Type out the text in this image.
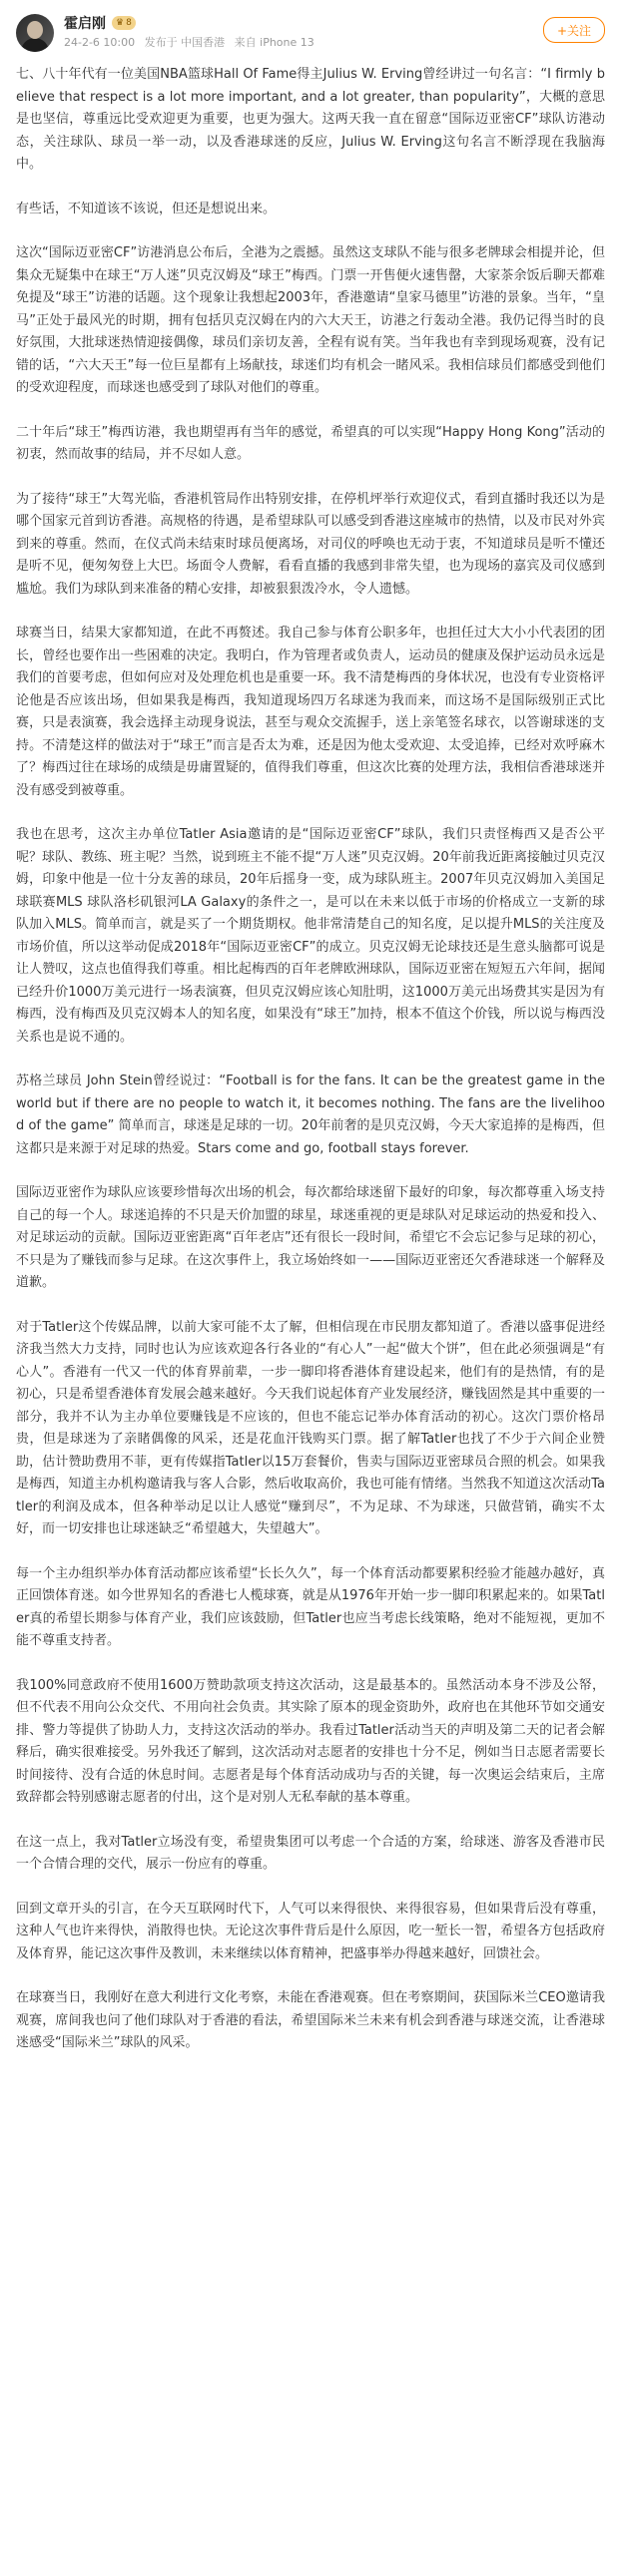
霍启刚 ♛ 8
24-2-6 10:00 发布于 中国香港 来自 iPhone 13
+关注

七、八十年代有一位美国NBA篮球Hall Of Fame得主Julius W. Erving曾经讲过一句名言：“I firmly believe that respect is a lot more important, and a lot greater, than popularity”，大概的意思是也坚信，尊重远比受欢迎更为重要，也更为强大。这两天我一直在留意“国际迈亚密CF”球队访港动态，关注球队、球员一举一动，以及香港球迷的反应，Julius W. Erving这句名言不断浮现在我脑海中。

有些话，不知道该不该说，但还是想说出来。

这次“国际迈亚密CF”访港消息公布后，全港为之震撼。虽然这支球队不能与很多老牌球会相提并论，但集众无疑集中在球王“万人迷”贝克汉姆及“球王”梅西。门票一开售便火速售罄，大家茶余饭后聊天都难免提及“球王”访港的话题。这个现象让我想起2003年，香港邀请“皇家马德里”访港的景象。当年，“皇马”正处于最风光的时期，拥有包括贝克汉姆在内的六大天王，访港之行轰动全港。我仍记得当时的良好氛围，大批球迷热情迎接偶像，球员们亲切友善，全程有说有笑。当年我也有幸到现场观赛，没有记错的话，“六大天王”每一位巨星都有上场献技，球迷们均有机会一睹风采。我相信球员们都感受到他们的受欢迎程度，而球迷也感受到了球队对他们的尊重。

二十年后“球王”梅西访港，我也期望再有当年的感觉，希望真的可以实现“Happy Hong Kong”活动的初衷，然而故事的结局，并不尽如人意。

为了接待“球王”大驾光临，香港机管局作出特别安排，在停机坪举行欢迎仪式，看到直播时我还以为是哪个国家元首到访香港。高规格的待遇，是希望球队可以感受到香港这座城市的热情，以及市民对外宾到来的尊重。然而，在仪式尚未结束时球员便离场，对司仪的呼唤也无动于衷，不知道球员是听不懂还是听不见，便匆匆登上大巴。场面令人费解，看看直播的我感到非常失望，也为现场的嘉宾及司仪感到尴尬。我们为球队到来准备的精心安排，却被狠狠泼冷水，令人遗憾。

球赛当日，结果大家都知道，在此不再赘述。我自己参与体育公职多年，也担任过大大小小代表团的团长，曾经也要作出一些困难的决定。我明白，作为管理者或负责人，运动员的健康及保护运动员永远是我们的首要考虑，但如何应对及处理危机也是重要一环。我不清楚梅西的身体状况，也没有专业资格评论他是否应该出场，但如果我是梅西，我知道现场四万名球迷为我而来，而这场不是国际级别正式比赛，只是表演赛，我会选择主动现身说法，甚至与观众交流握手，送上亲笔签名球衣，以答谢球迷的支持。不清楚这样的做法对于“球王”而言是否太为难，还是因为他太受欢迎、太受追捧，已经对欢呼麻木了？梅西过往在球场的成绩是毋庸置疑的，值得我们尊重，但这次比赛的处理方法，我相信香港球迷并没有感受到被尊重。

我也在思考，这次主办单位Tatler Asia邀请的是“国际迈亚密CF”球队，我们只责怪梅西又是否公平呢？球队、教练、班主呢？当然，说到班主不能不提“万人迷”贝克汉姆。20年前我近距离接触过贝克汉姆，印象中他是一位十分友善的球员，20年后摇身一变，成为球队班主。2007年贝克汉姆加入美国足球联赛MLS 球队洛杉矶银河LA Galaxy的条件之一，是可以在未来以低于市场的价格成立一支新的球队加入MLS。简单而言，就是买了一个期货期权。他非常清楚自己的知名度，足以提升MLS的关注度及市场价值，所以这举动促成2018年“国际迈亚密CF”的成立。贝克汉姆无论球技还是生意头脑都可说是让人赞叹，这点也值得我们尊重。相比起梅西的百年老牌欧洲球队，国际迈亚密在短短五六年间，据闻已经升价1000万美元进行一场表演赛，但贝克汉姆应该心知肚明，这1000万美元出场费其实是因为有梅西，没有梅西及贝克汉姆本人的知名度，如果没有“球王”加持，根本不值这个价钱，所以说与梅西没关系也是说不通的。

苏格兰球员 John Stein曾经说过：“Football is for the fans. It can be the greatest game in the world but if there are no people to watch it, it becomes nothing. The fans are the livelihood of the game” 简单而言，球迷是足球的一切。20年前奢的是贝克汉姆，今天大家追捧的是梅西，但这都只是来源于对足球的热爱。Stars come and go, football stays forever.

国际迈亚密作为球队应该要珍惜每次出场的机会，每次都给球迷留下最好的印象，每次都尊重入场支持自己的每一个人。球迷追捧的不只是天价加盟的球星，球迷重视的更是球队对足球运动的热爱和投入、对足球运动的贡献。国际迈亚密距离“百年老店”还有很长一段时间，希望它不会忘记参与足球的初心，不只是为了赚钱而参与足球。在这次事件上，我立场始终如一——国际迈亚密还欠香港球迷一个解释及道歉。

对于Tatler这个传媒品牌，以前大家可能不太了解，但相信现在市民朋友都知道了。香港以盛事促进经济我当然大力支持，同时也认为应该欢迎各行各业的“有心人”一起“做大个饼”，但在此必须强调是“有心人”。香港有一代又一代的体育界前辈，一步一脚印将香港体育建设起来，他们有的是热情，有的是初心，只是希望香港体育发展会越来越好。今天我们说起体育产业发展经济，赚钱固然是其中重要的一部分，我并不认为主办单位要赚钱是不应该的，但也不能忘记举办体育活动的初心。这次门票价格昂贵，但是球迷为了亲睹偶像的风采，还是花血汗钱购买门票。据了解Tatler也找了不少于六间企业赞助，估计赞助费用不菲，更有传媒指Tatler以15万套餐价，售卖与国际迈亚密球员合照的机会。如果我是梅西，知道主办机构邀请我与客人合影，然后收取高价，我也可能有情绪。当然我不知道这次活动Tatler的利润及成本，但各种举动足以让人感觉“赚到尽”，不为足球、不为球迷，只做营销，确实不太好，而一切安排也让球迷缺乏“希望越大，失望越大”。

每一个主办组织举办体育活动都应该希望“长长久久”，每一个体育活动都要累积经验才能越办越好，真正回馈体育迷。如今世界知名的香港七人榄球赛，就是从1976年开始一步一脚印积累起来的。如果Tatler真的希望长期参与体育产业，我们应该鼓励，但Tatler也应当考虑长线策略，绝对不能短视，更加不能不尊重支持者。

我100%同意政府不使用1600万赞助款项支持这次活动，这是最基本的。虽然活动本身不涉及公帑，但不代表不用向公众交代、不用向社会负责。其实除了原本的现金资助外，政府也在其他环节如交通安排、警力等提供了协助人力，支持这次活动的举办。我看过Tatler活动当天的声明及第二天的记者会解释后，确实很难接受。另外我还了解到，这次活动对志愿者的安排也十分不足，例如当日志愿者需要长时间接待、没有合适的休息时间。志愿者是每个体育活动成功与否的关键，每一次奥运会结束后，主席致辞都会特别感谢志愿者的付出，这个是对别人无私奉献的基本尊重。

在这一点上，我对Tatler立场没有变，希望贵集团可以考虑一个合适的方案，给球迷、游客及香港市民一个合情合理的交代，展示一份应有的尊重。

回到文章开头的引言，在今天互联网时代下，人气可以来得很快、来得很容易，但如果背后没有尊重，这种人气也许来得快，消散得也快。无论这次事件背后是什么原因，吃一堑长一智，希望各方包括政府及体育界，能记这次事件及教训，未来继续以体育精神，把盛事举办得越来越好，回馈社会。

在球赛当日，我刚好在意大利进行文化考察，未能在香港观赛。但在考察期间，获国际米兰CEO邀请我观赛，席间我也问了他们球队对于香港的看法，希望国际米兰未来有机会到香港与球迷交流，让香港球迷感受“国际米兰”球队的风采。
